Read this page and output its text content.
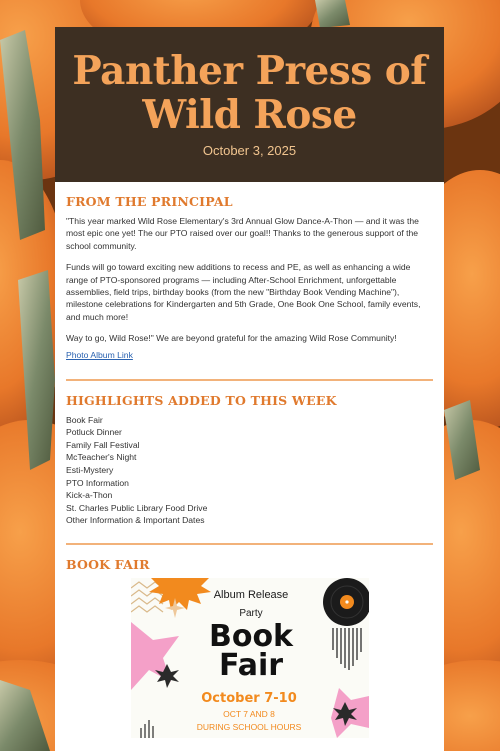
Panther Press of Wild Rose
October 3, 2025
FROM THE PRINCIPAL

"This year marked Wild Rose Elementary's 3rd Annual Glow Dance-A-Thon — and it was the most epic one yet! The our PTO raised over our goal!! Thanks to the generous support of the school community.

Funds will go toward exciting new additions to recess and PE, as well as enhancing a wide range of PTO-sponsored programs — including After-School Enrichment, unforgettable assemblies, field trips, birthday books (from the new "Birthday Book Vending Machine"), milestone celebrations for Kindergarten and 5th Grade, One Book One School, family events, and much more!

Way to go, Wild Rose!" We are beyond grateful for the amazing Wild Rose Community!

Photo Album Link
HIGHLIGHTS ADDED TO THIS WEEK
Book Fair
Potluck Dinner
Family Fall Festival
McTeacher's Night
Esti-Mystery
PTO Information
Kick-a-Thon
St. Charles Public Library Food Drive
Other Information & Important Dates
BOOK FAIR
Album Release
Party
Book
Fair
October 7-10
OCT 7 AND 8
DURING SCHOOL HOURS
